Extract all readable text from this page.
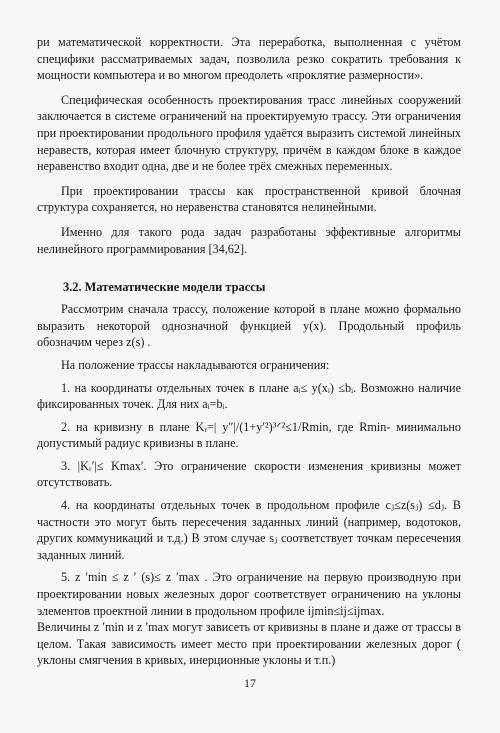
ри математической корректности. Эта переработка, выполненная с учётом специфики рассматриваемых задач, позволила резко сократить требования к мощности компьютера и во многом преодолеть «проклятие размерности».

Специфическая особенность проектирования трасс линейных сооружений заключается в системе ограничений на проектируемую трассу. Эти ограничения при проектировании продольного профиля удаётся выразить системой линейных неравеств, которая имеет блочную структуру, причём в каждом блоке в каждое неравенство входит одна, две и не более трёх смежных переменных.

При проектировании трассы как пространственной кривой блочная структура сохраняется, но неравенства становятся нелинейными.

Именно для такого рода задач разработаны эффективные алгоритмы нелинейного программирования [34,62].

3.2. Математические модели трассы

Рассмотрим сначала трассу, положение которой в плане можно формально выразить некоторой однозначной функцией y(x). Продольный профиль обозначим через z(s) .

На положение трассы накладываются ограничения:

1. на координаты отдельных точек в плане aᵢ≤ y(xᵢ) ≤bᵢ. Возможно наличие фиксированных точек. Для них aᵢ=bᵢ.

2. на кривизну в плане Kᵣ=| y″|/(1+y′²)³ᐟ²≤1/Rmin, где Rmin- минимально допустимый радиус кривизны в плане.

3. |Kᵣ′|≤ Kmax′. Это ограничение скорости изменения кривизны может отсутствовать.

4. на координаты отдельных точек в продольном профиле cⱼ≤z(sⱼ) ≤dⱼ. В частности это могут быть пересечения заданных линий (например, водотоков, других коммуникаций и т.д.) В этом случае sⱼ соответствует точкам пересечения заданных линий.

5. z ′min ≤ z ′ (s)≤ z ′max . Это ограничение на первую производную при проектировании новых железных дорог соответствует ограничению на уклоны элементов проектной линии в продольном профиле ijmin≤ij≤ijmax.

Величины z ′min и z ′max могут зависеть от кривизны в плане и даже от трассы в целом. Такая зависимость имеет место при проектировании железных дорог ( уклоны смягчения в кривых, инерционные уклоны и т.п.)

17
